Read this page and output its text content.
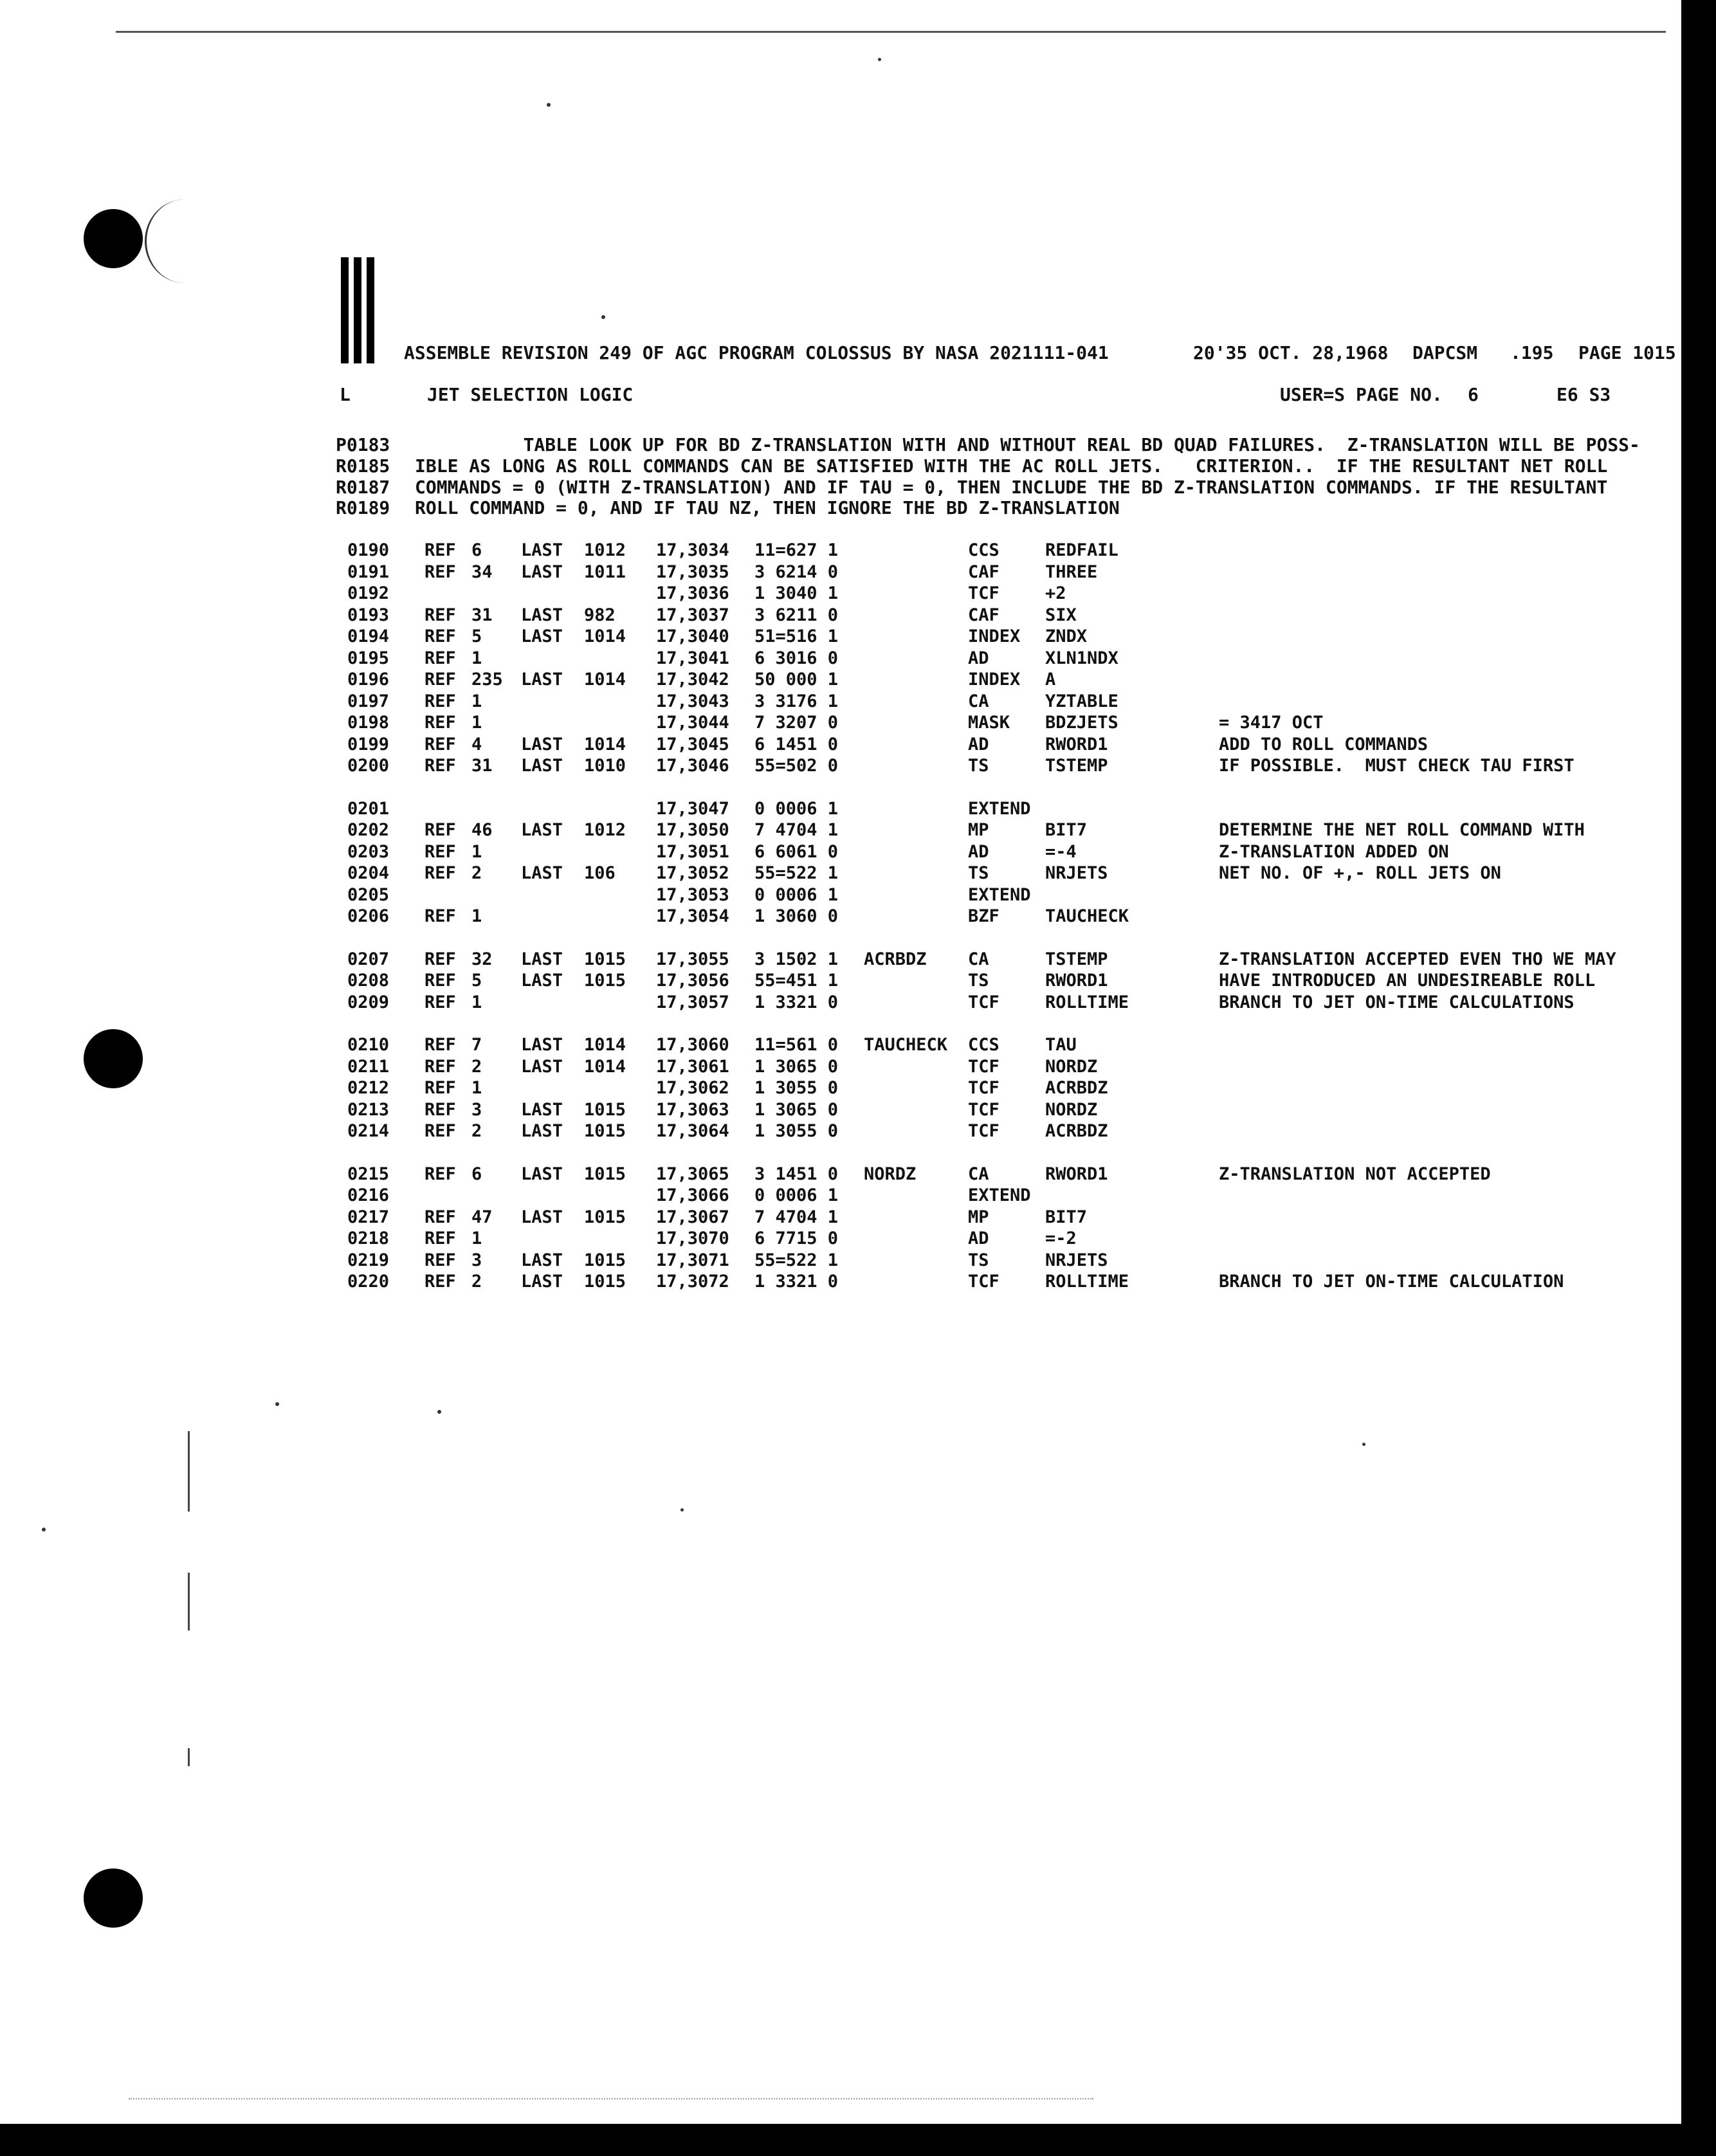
ASSEMBLE REVISION 249 OF AGC PROGRAM COLOSSUS BY NASA 2021111-041	20'35 OCT. 28,1968 DAPCSM .195 PAGE 1015
L	JET SELECTION LOGIC	USER=S PAGE NO. 6	E6 S3
P0183 TABLE LOOK UP FOR BD Z-TRANSLATION WITH AND WITHOUT REAL BD QUAD FAILURES.  Z-TRANSLATION WILL BE POSS-
R0185 IBLE AS LONG AS ROLL COMMANDS CAN BE SATISFIED WITH THE AC ROLL JETS.   CRITERION..  IF THE RESULTANT NET ROLL
R0187 COMMANDS = 0 (WITH Z-TRANSLATION) AND IF TAU = 0, THEN INCLUDE THE BD Z-TRANSLATION COMMANDS. IF THE RESULTANT
R0189 ROLL COMMAND = 0, AND IF TAU NZ, THEN IGNORE THE BD Z-TRANSLATION
0190 REF 6 LAST 1012 17,3034 11=627 1	CCS	REDFAIL
0191 REF 34 LAST 1011 17,3035 3 6214 0	CAF	THREE
0192	17,3036 1 3040 1	TCF	+2
0193 REF 31 LAST 982 17,3037 3 6211 0	CAF	SIX
0194 REF 5 LAST 1014 17,3040 51=516 1	INDEX ZNDX
0195 REF 1	17,3041 6 3016 0	AD	XLN1NDX
0196 REF 235 LAST 1014 17,3042 50 000 1	INDEX A
0197 REF 1	17,3043 3 3176 1	CA	YZTABLE
0198 REF 1	17,3044 7 3207 0	MASK BDZJETS	= 3417 OCT
0199 REF 4 LAST 1014 17,3045 6 1451 0	AD	RWORD1	ADD TO ROLL COMMANDS
0200 REF 31 LAST 1010 17,3046 55=502 0	TS	TSTEMP	IF POSSIBLE.  MUST CHECK TAU FIRST
0201	17,3047 0 0006 1	EXTEND
0202 REF 46 LAST 1012 17,3050 7 4704 1	MP	BIT7	DETERMINE THE NET ROLL COMMAND WITH
0203 REF 1	17,3051 6 6061 0	AD	=-4	Z-TRANSLATION ADDED ON
0204 REF 2 LAST 106 17,3052 55=522 1	TS	NRJETS	NET NO. OF +,- ROLL JETS ON
0205	17,3053 0 0006 1	EXTEND
0206 REF 1	17,3054 1 3060 0	BZF	TAUCHECK
0207 REF 32 LAST 1015 17,3055 3 1502 1 ACRBDZ CA	TSTEMP	Z-TRANSLATION ACCEPTED EVEN THO WE MAY
0208 REF 5 LAST 1015 17,3056 55=451 1	TS	RWORD1	HAVE INTRODUCED AN UNDESIREABLE ROLL
0209 REF 1	17,3057 1 3321 0	TCF	ROLLTIME	BRANCH TO JET ON-TIME CALCULATIONS
0210 REF 7 LAST 1014 17,3060 11=561 0 TAUCHECK CCS	TAU
0211 REF 2 LAST 1014 17,3061 1 3065 0	TCF	NORDZ
0212 REF 1	17,3062 1 3055 0	TCF	ACRBDZ
0213 REF 3 LAST 1015 17,3063 1 3065 0	TCF	NORDZ
0214 REF 2 LAST 1015 17,3064 1 3055 0	TCF	ACRBDZ
0215 REF 6 LAST 1015 17,3065 3 1451 0 NORDZ	CA	RWORD1	Z-TRANSLATION NOT ACCEPTED
0216	17,3066 0 0006 1	EXTEND
0217 REF 47 LAST 1015 17,3067 7 4704 1	MP	BIT7
0218 REF 1	17,3070 6 7715 0	AD	=-2
0219 REF 3 LAST 1015 17,3071 55=522 1	TS	NRJETS
0220 REF 2 LAST 1015 17,3072 1 3321 0	TCF	ROLLTIME	BRANCH TO JET ON-TIME CALCULATION
